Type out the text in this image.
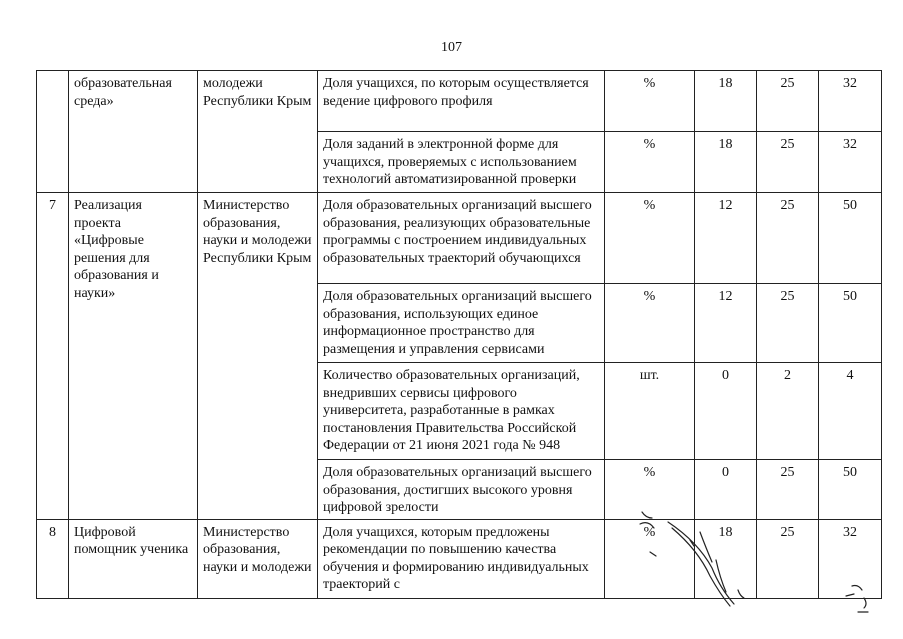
107
	образовательная среда»	молодежи Республики Крым	Доля учащихся, по которым осуществляется ведение цифрового профиля	%	18	25	32
			Доля заданий в электронной форме для учащихся, проверяемых с использованием технологий автоматизированной проверки	%	18	25	32
7	Реализация проекта «Цифровые решения для образования и науки»	Министерство образования, науки и молодежи Республики Крым	Доля образовательных организаций высшего образования, реализующих образовательные программы с построением индивидуальных образовательных траекторий обучающихся	%	12	25	50
			Доля образовательных организаций высшего образования, использующих единое информационное пространство для размещения и управления сервисами	%	12	25	50
			Количество образовательных организаций, внедривших сервисы цифрового университета, разработанные в рамках постановления Правительства Российской Федерации от 21 июня 2021 года № 948	шт.	0	2	4
			Доля образовательных организаций высшего образования, достигших высокого уровня цифровой зрелости	%	0	25	50
8	Цифровой помощник ученика	Министерство образования, науки и молодежи	Доля учащихся, которым предложены рекомендации по повышению качества обучения и формированию индивидуальных траекторий с	%	18	25	32
